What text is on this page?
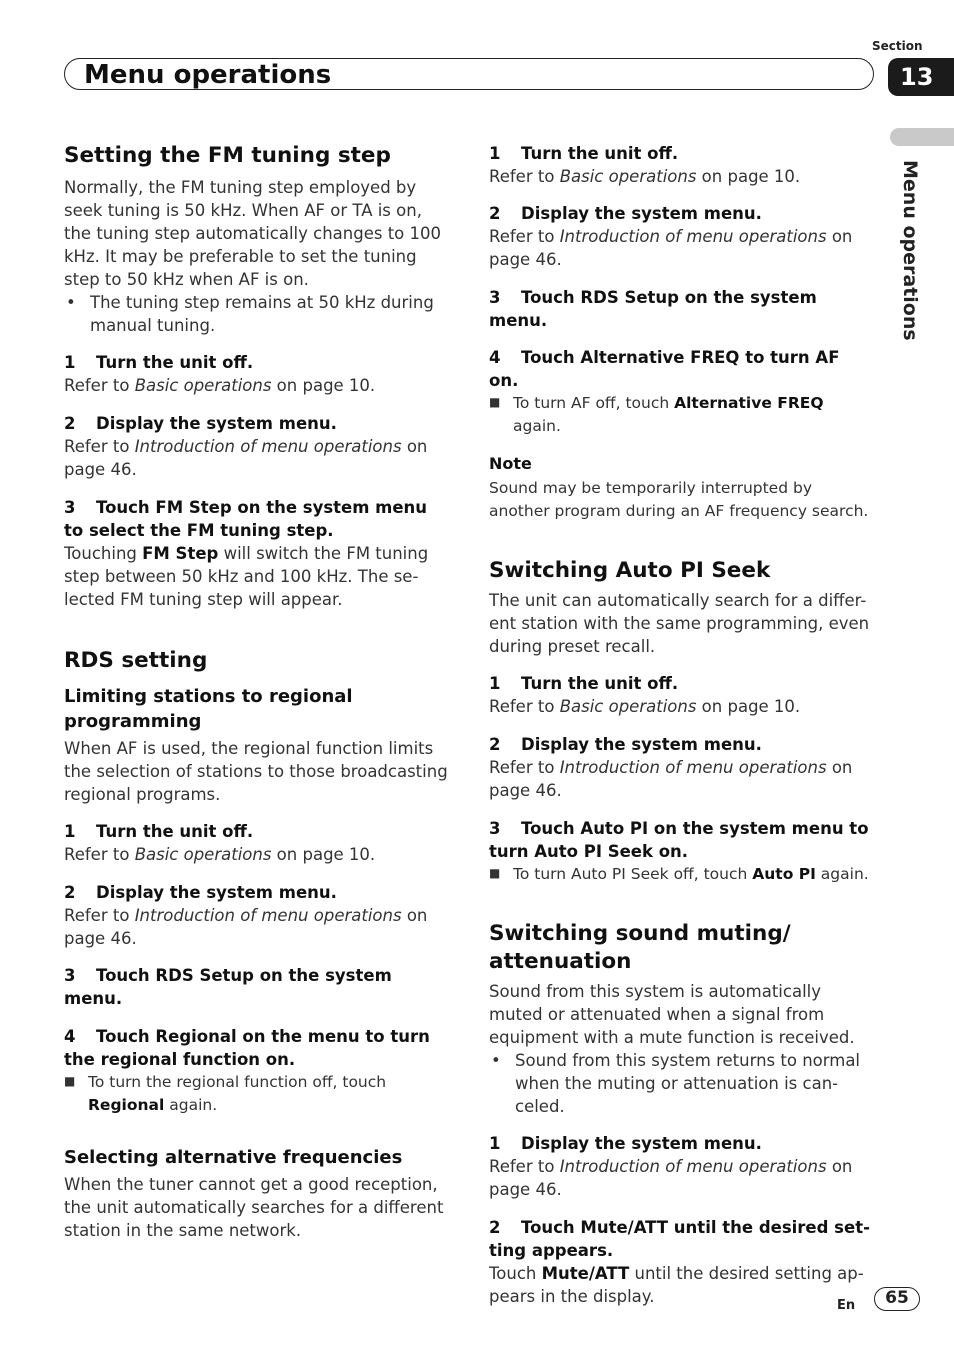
Menu operations
Section
13
Menu operations
Setting the FM tuning step

Normally, the FM tuning step employed by seek tuning is 50 kHz. When AF or TA is on, the tuning step automatically changes to 100 kHz. It may be preferable to set the tuning step to 50 kHz when AF is on.

• The tuning step remains at 50 kHz during manual tuning.
1 Turn the unit off.

Refer to Basic operations on page 10.

2 Display the system menu.

Refer to Introduction of menu operations on page 46.

3 Touch FM Step on the system menu to select the FM tuning step.

Touching FM Step will switch the FM tuning step between 50 kHz and 100 kHz. The se-lected FM tuning step will appear.

RDS setting
Limiting stations to regional programming

When AF is used, the regional function limits the selection of stations to those broadcasting regional programs.

1 Turn the unit off.

Refer to Basic operations on page 10.

2 Display the system menu.

Refer to Introduction of menu operations on page 46.

3 Touch RDS Setup on the system menu.
4 Touch Regional on the menu to turn the regional function on.
■ To turn the regional function off, touch Regional again.
Selecting alternative frequencies

When the tuner cannot get a good reception, the unit automatically searches for a different station in the same network.

1 Turn the unit off.

Refer to Basic operations on page 10.

2 Display the system menu.

Refer to Introduction of menu operations on page 46.

3 Touch RDS Setup on the system menu.
4 Touch Alternative FREQ to turn AF on.
■ To turn AF off, touch Alternative FREQ again.
Note

Sound may be temporarily interrupted by another program during an AF frequency search.

Switching Auto PI Seek

The unit can automatically search for a differ-ent station with the same programming, even during preset recall.

1 Turn the unit off.

Refer to Basic operations on page 10.

2 Display the system menu.

Refer to Introduction of menu operations on page 46.

3 Touch Auto PI on the system menu to turn Auto PI Seek on.
■ To turn Auto PI Seek off, touch Auto PI again.
Switching sound muting/ attenuation

Sound from this system is automatically muted or attenuated when a signal from equipment with a mute function is received.

• Sound from this system returns to normal when the muting or attenuation is can-celed.
1 Display the system menu.

Refer to Introduction of menu operations on page 46.

2 Touch Mute/ATT until the desired set-ting appears.

Touch Mute/ATT until the desired setting ap-pears in the display.	En	65
